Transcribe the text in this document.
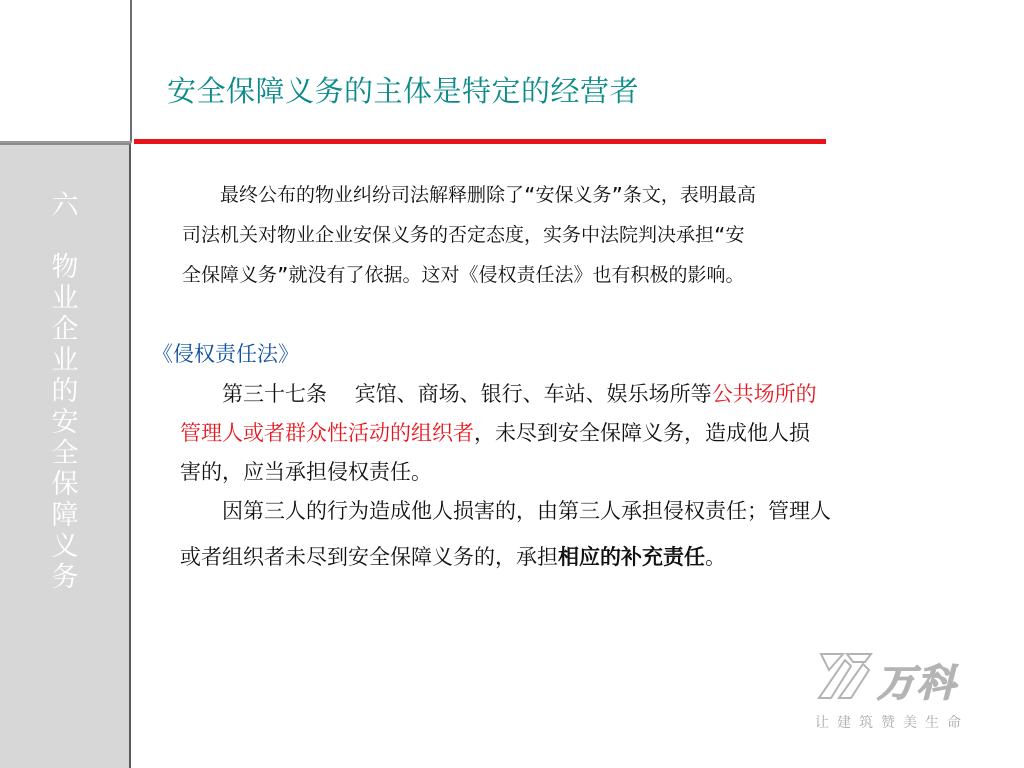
六

物
业
企
业
的
安
全
保
障
义
务
安全保障义务的主体是特定的经营者
　　最终公布的物业纠纷司法解释删除了“安保义务”条文，表明最高
司法机关对物业企业安保义务的否定态度，实务中法院判决承担“安
全保障义务”就没有了依据。这对《侵权责任法》也有积极的影响。
《侵权责任法》
　　第三十七条　 宾馆、商场、银行、车站、娱乐场所等公共场所的
管理人或者群众性活动的组织者，未尽到安全保障义务，造成他人损
害的，应当承担侵权责任。
　　因第三人的行为造成他人损害的，由第三人承担侵权责任；管理人
或者组织者未尽到安全保障义务的，承担相应的补充责任。
万科
让建筑赞美生命
